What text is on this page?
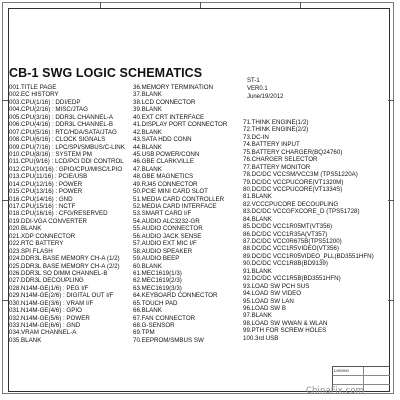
CB-1 SWG LOGIC SCHEMATICS
ST-1
VER0.1
June/19/2012
001.TITLE PAGE
002.EC HISTORY
003.CPU(1/16) : DDI/EDP
004.CPU(2/16) : MISC/JTAG
005.CPU(3/16) : DDR3L CHANNEL-A
006.CPU(4/16) : DDR3L CHANNEL-B
007.CPU(5/16) : RTC/HDA/SATA/JTAG
008.CPU(6/16) : CLOCK SIGNALS
009.CPU(7/16) : LPC/SPI/SMBUS/C-LINK
010.CPU(8/16) : SYSTEM PM
011.CPU(9/16) : LCD/PCI DDI CONTROL
012.CPU(10/16) : GPIO/CPU/MISC/LPIO
013.CPU(11/16) : PCIE/USB
014.CPU(12/16) : POWER
015.CPU(13/16) : POWER
016.CPU(14/16) : GND
017.CPU(15/16) : NCTF
018.CPU(16/16) : CFG/RESERVED
019.DDI-VGA CONVERTER
020.BLANK
021.XDP CONNECTOR
022.RTC BATTERY
023.SPI FLASH
024.DDR3L BASE MEMORY CH-A (1/2)
025.DDR3L BASE MEMORY CH-A (2/2)
026.DDR3L SO DIMM CHANNEL-B
027.DDR3L DECOUPLING
028.N14M-GE(1/6) : PEG I/F
029.N14M-GE(2/6) : DIGITAL OUT I/F
030.N14M-GE(3/6) : VRAM I/F
031.N14M-GE(4/6) : GPIO
032.N14M-GE(5/6) : POWER
033.N14M-GE(6/6) : GND
034.VRAM CHANNEL-A
035.BLANK
36.MEMORY TERMINATION
37.BLANK
38.LCD CONNECTOR
39.BLANK
40.EXT CRT INTERFACE
41.DISPLAY PORT CONNECTOR
42.BLANK
43.SATA HDD CONN
44.BLANK
45.USB POWER/CONN
46.GBE CLARKVILLE
47.BLANK
48.GBE MAGNETICS
49.RJ45 CONNECTOR
50.PCIE MINI CARD SLOT
51.MEDIA CARD CONTROLLER
52.MEDIA CARD INTERFACE
53.SMART CARD I/F
54.AUDIO ALC3232-GR
55.AUDIO CONNECTOR
56.AUDIO JACK SENSE
57.AUDIO EXT MIC I/F
58.AUDIO SPEAKER
59.AUDIO BEEP
60.BLANK
61.MEC1619(1/3)
62.MEC1619(2/3)
63.MEC1619(3/3)
64.KEYBOARD CONNECTOR
65.TOUCH PAD
66.BLANK
67.FAN CONNECTOR
68.G-SENSOR
69.TPM
70.EEPROM/SMBUS SW
71.THINK ENGINE(1/2)
72.THINK ENGINE(2/2)
73.DC-IN
74.BATTERY INPUT
75.BATTERY CHARGER(BQ24760)
76.CHARGER SELECTOR
77.BATTERY MONITOR
78.DC/DC VCCSM/VCC3M (TPS51220A)
79.DC/DC VCCPUCORE(VT1320M)
80.DC/DC VCCPUCORE(VT1334S)
81.BLANK
82.VCCCPUCORE DECOUPLING
83.DC/DC VCCGFXCORE_D (TPS51728)
84.BLANK
85.DC/DC VCC1R05MT(VT356)
86.DC/DC VCC1R35A(VT357)
87.DC/DC VCC0R675B(TPS51200)
88.DC/DC VCC1R5VIDEO(VT356)
89.DC/DC VCC1R05VIDEO_PLL(BD3551HFN)
90.DC/DC VCC1R8B(BD9139)
91.BLANK
92.DC/DC VCC1R5B(BD3551HFN)
93.LOAD SW PCH SUS
94.LOAD SW VIDEO
95.LOAD SW LAN
96.LOAD SW B
97.BLANK
98.LOAD SW WWAN & WLAN
99.PTH FOR SCREW HOLES
100.3rd USB
Lenovo
ChinaFix.com
